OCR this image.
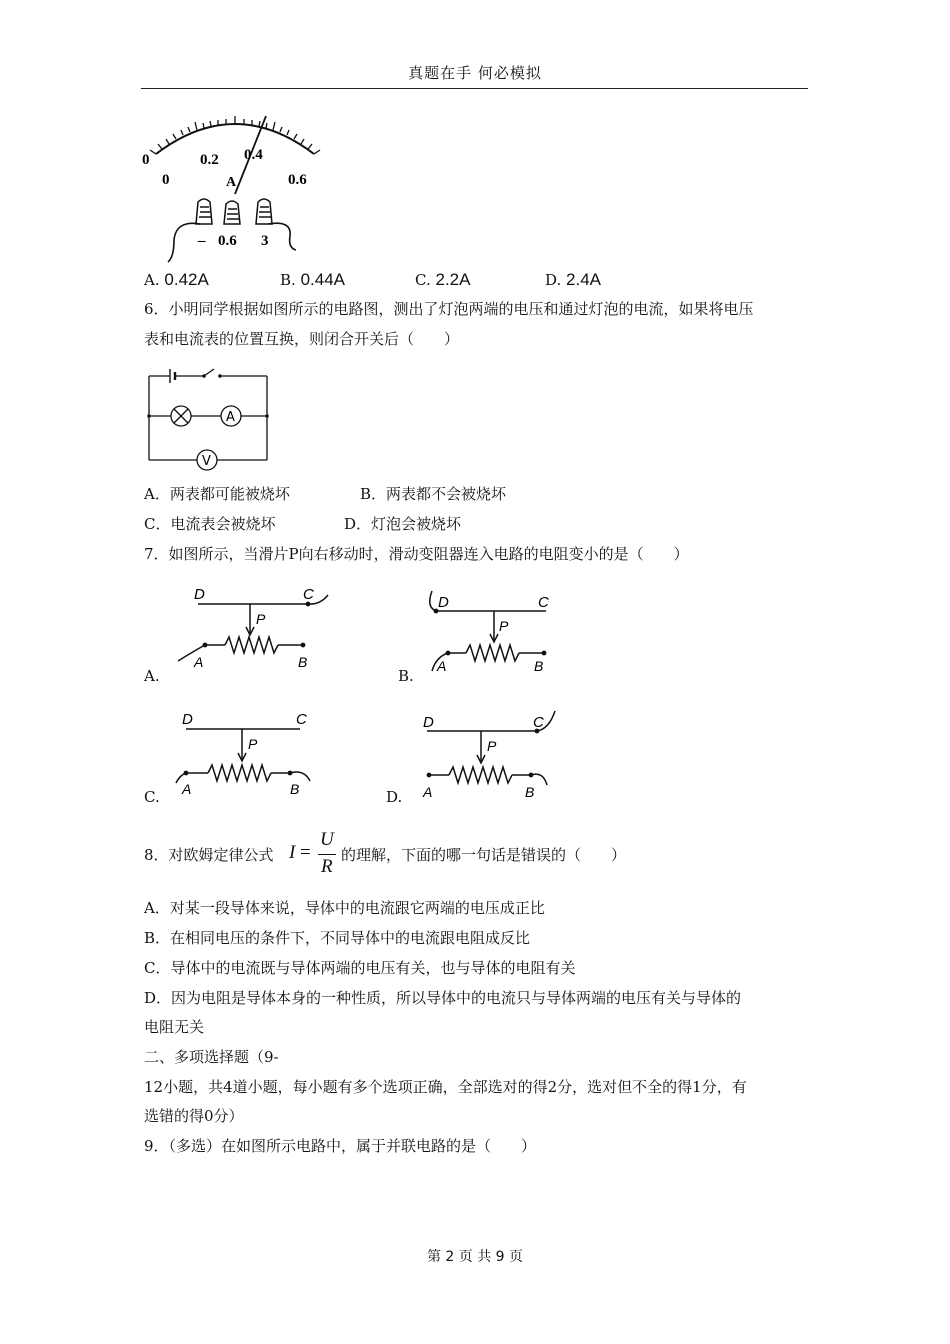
真题在手 何必模拟
0
0
0.2 0.4
0.6
A
– 0.6 3
A. 0.42A	B. 0.44A	C. 2.2A	D. 2.4A
6．小明同学根据如图所示的电路图，测出了灯泡两端的电压和通过灯泡的电流，如果将电压
表和电流表的位置互换，则闭合开关后（　　）
A
V
A．两表都可能被烧坏	B．两表都不会被烧坏
C．电流表会被烧坏	D．灯泡会被烧坏
7．如图所示，当滑片P向右移动时，滑动变阻器连入电路的电阻变小的是（　　）
D	C
P
A	B
A.
D	C
P
A	B
B.
D	C
P
A	B
C.
D	C
P
A	B
D.
8．对欧姆定律公式 I =
U
R
的理解，下面的哪一句话是错误的（　　）
A．对某一段导体来说，导体中的电流跟它两端的电压成正比
B．在相同电压的条件下，不同导体中的电流跟电阻成反比
C．导体中的电流既与导体两端的电压有关，也与导体的电阻有关
D．因为电阻是导体本身的一种性质，所以导体中的电流只与导体两端的电压有关与导体的
电阻无关
二、多项选择题（9-
12小题，共4道小题，每小题有多个选项正确，全部选对的得2分，选对但不全的得1分，有
选错的得0分）
9．（多选）在如图所示电路中，属于并联电路的是（　　）
第 2 页 共 9 页
